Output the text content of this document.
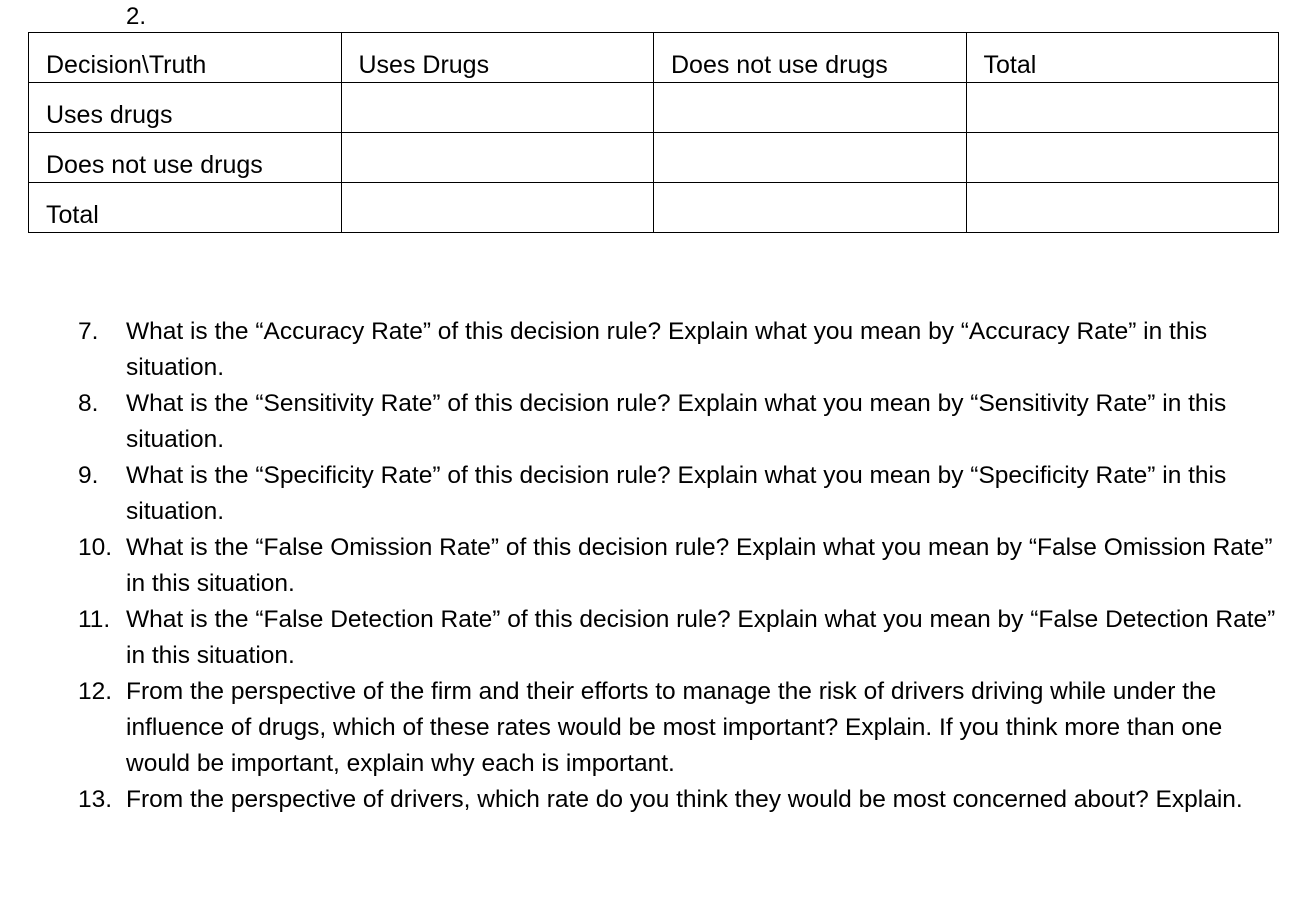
2.
Decision\Truth	Uses Drugs	Does not use drugs	Total
Uses drugs			
Does not use drugs			
Total			
7. What is the “Accuracy Rate” of this decision rule? Explain what you mean by “Accuracy Rate” in this situation.
8. What is the “Sensitivity Rate” of this decision rule? Explain what you mean by “Sensitivity Rate” in this situation.
9. What is the “Specificity Rate” of this decision rule? Explain what you mean by “Specificity Rate” in this situation.
10. What is the “False Omission Rate” of this decision rule? Explain what you mean by “False Omission Rate” in this situation.
11. What is the “False Detection Rate” of this decision rule? Explain what you mean by “False Detection Rate” in this situation.
12. From the perspective of the firm and their efforts to manage the risk of drivers driving while under the influence of drugs, which of these rates would be most important? Explain. If you think more than one would be important, explain why each is important.
13. From the perspective of drivers, which rate do you think they would be most concerned about? Explain.
